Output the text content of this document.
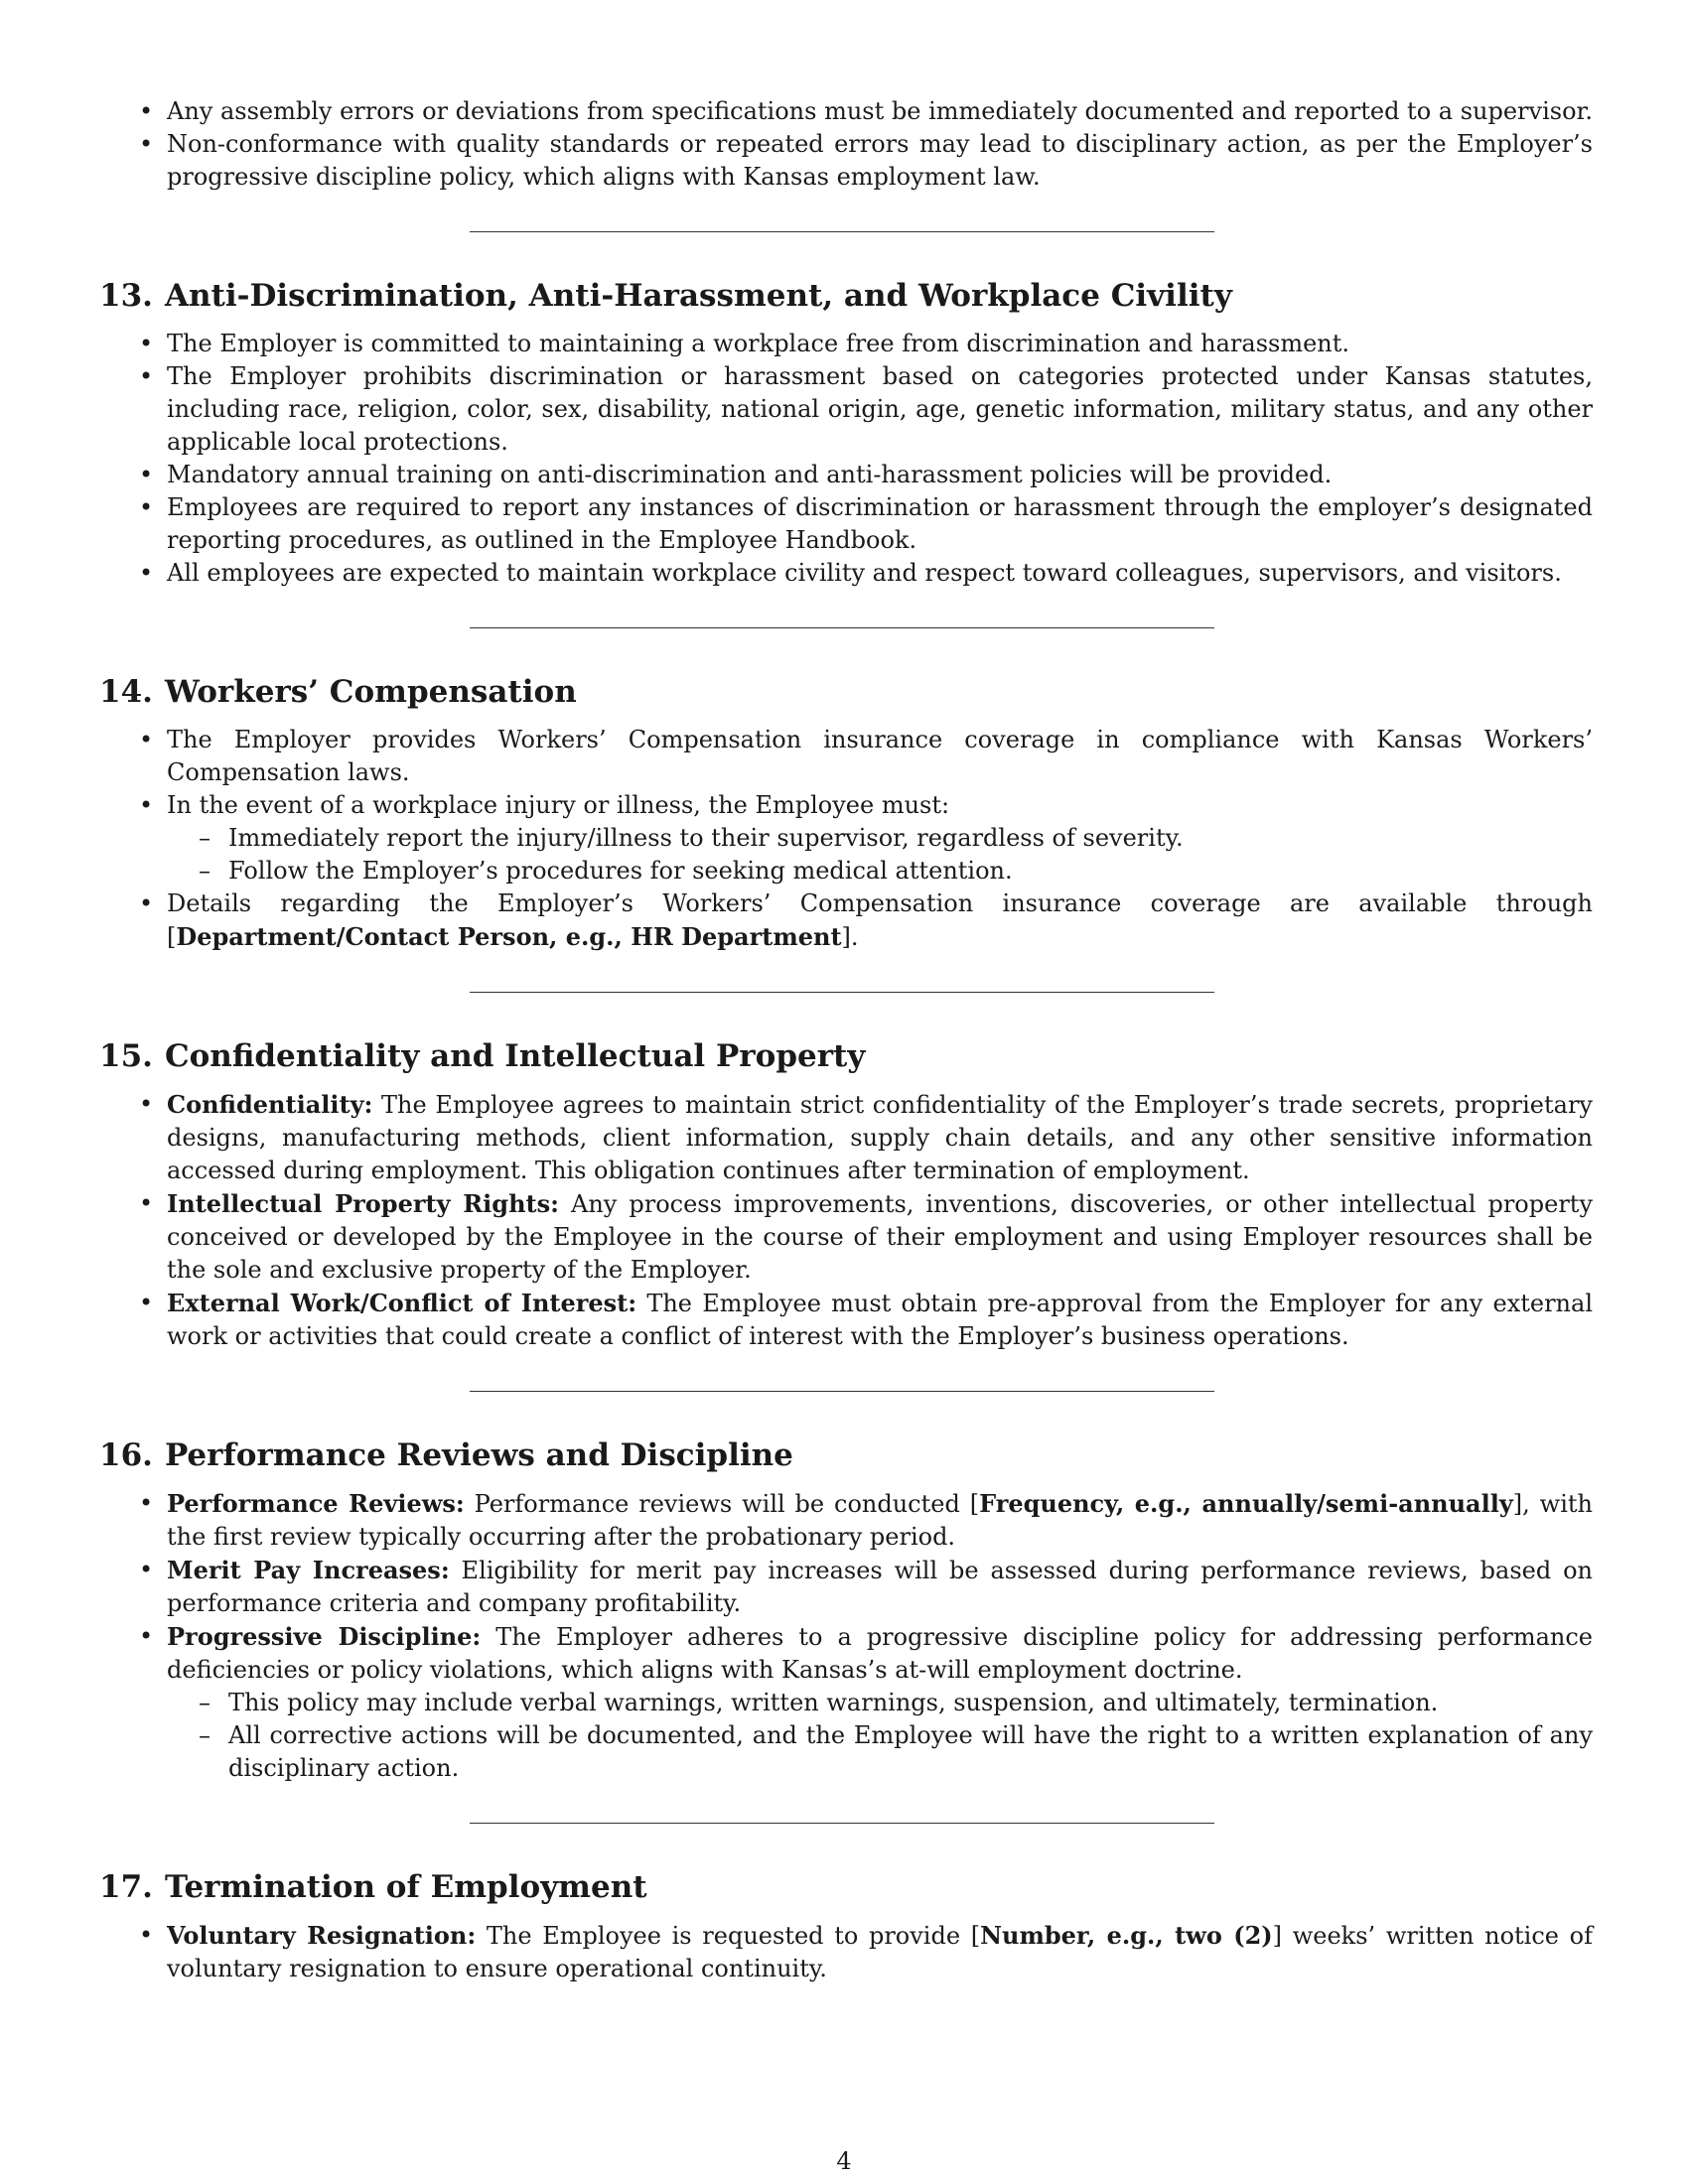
• Any assembly errors or deviations from specifications must be immediately documented and reported to a supervisor.
• Non-conformance with quality standards or repeated errors may lead to disciplinary action, as per the Employer’s progressive discipline policy, which aligns with Kansas employment law.
13. Anti-Discrimination, Anti-Harassment, and Workplace Civility
• The Employer is committed to maintaining a workplace free from discrimination and harassment.
• The Employer prohibits discrimination or harassment based on categories protected under Kansas statutes, including race, religion, color, sex, disability, national origin, age, genetic information, military status, and any other applicable local protections.
• Mandatory annual training on anti-discrimination and anti-harassment policies will be provided.
• Employees are required to report any instances of discrimination or harassment through the employer’s designated reporting procedures, as outlined in the Employee Handbook.
• All employees are expected to maintain workplace civility and respect toward colleagues, supervisors, and visitors.
14. Workers’ Compensation
• The Employer provides Workers’ Compensation insurance coverage in compliance with Kansas Workers’ Compensation laws.
• In the event of a workplace injury or illness, the Employee must:
– Immediately report the injury/illness to their supervisor, regardless of severity.
– Follow the Employer’s procedures for seeking medical attention.
• Details regarding the Employer’s Workers’ Compensation insurance coverage are available through [Department/Contact Person, e.g., HR Department].
15. Confidentiality and Intellectual Property
• Confidentiality: The Employee agrees to maintain strict confidentiality of the Employer’s trade secrets, proprietary designs, manufacturing methods, client information, supply chain details, and any other sensitive information accessed during employment. This obligation continues after termination of employment.
• Intellectual Property Rights: Any process improvements, inventions, discoveries, or other intellectual property conceived or developed by the Employee in the course of their employment and using Employer resources shall be the sole and exclusive property of the Employer.
• External Work/Conflict of Interest: The Employee must obtain pre-approval from the Employer for any external work or activities that could create a conflict of interest with the Employer’s business operations.
16. Performance Reviews and Discipline
• Performance Reviews: Performance reviews will be conducted [Frequency, e.g., annually/semi-annually], with the first review typically occurring after the probationary period.
• Merit Pay Increases: Eligibility for merit pay increases will be assessed during performance reviews, based on performance criteria and company profitability.
• Progressive Discipline: The Employer adheres to a progressive discipline policy for addressing performance deficiencies or policy violations, which aligns with Kansas’s at-will employment doctrine.
– This policy may include verbal warnings, written warnings, suspension, and ultimately, termination.
– All corrective actions will be documented, and the Employee will have the right to a written explanation of any disciplinary action.
17. Termination of Employment
• Voluntary Resignation: The Employee is requested to provide [Number, e.g., two (2)] weeks’ written notice of voluntary resignation to ensure operational continuity.
4
